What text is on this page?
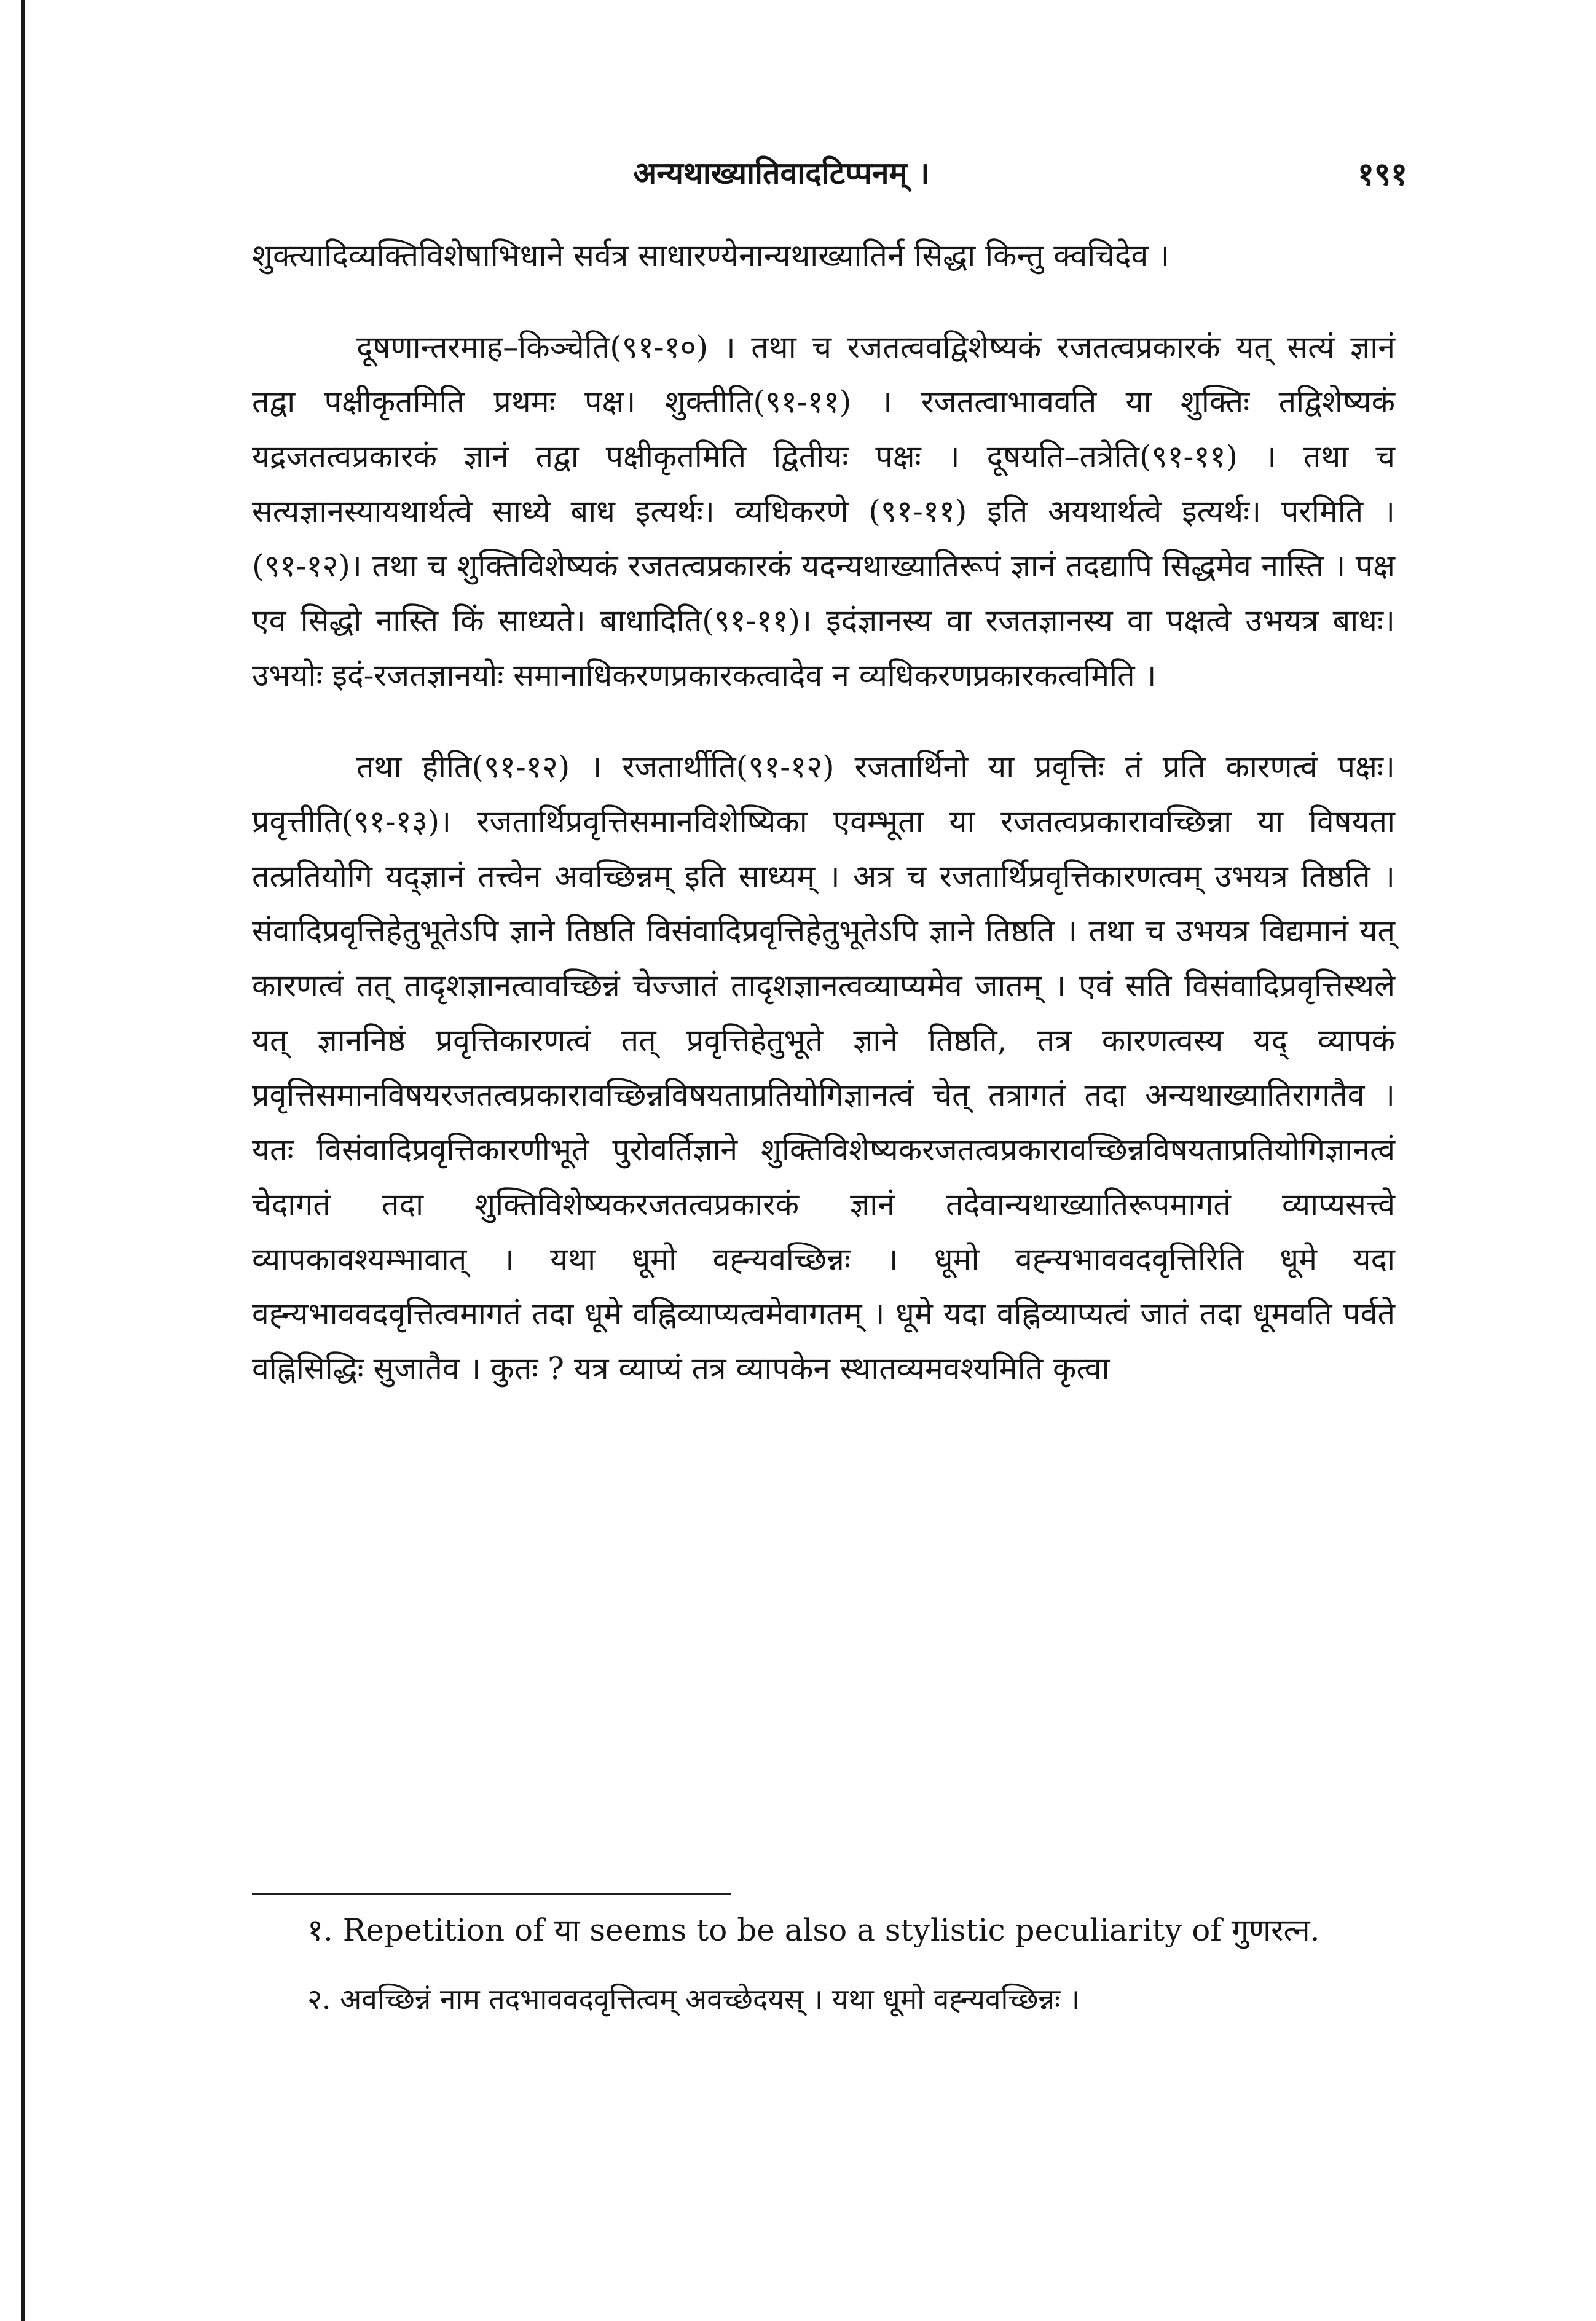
अन्यथाख्यातिवादटिप्पनम् ।	१९१

शुक्त्यादिव्यक्तिविशेषाभिधाने सर्वत्र साधारण्येनान्यथाख्यातिर्न सिद्धा किन्तु क्वचिदेव ।

दूषणान्तरमाह–किञ्चेति(९१-१०) । तथा च रजतत्ववद्विशेष्यकं रजतत्वप्रकारकं यत् सत्यं ज्ञानं तद्वा पक्षीकृतमिति प्रथमः पक्ष। शुक्तीति(९१-११) । रजतत्वाभाववति या शुक्तिः तद्विशेष्यकं यद्रजतत्वप्रकारकं ज्ञानं तद्वा पक्षीकृतमिति द्वितीयः पक्षः । दूषयति–तत्रेति(९१-११) । तथा च सत्यज्ञानस्यायथार्थत्वे साध्ये बाध इत्यर्थः। व्यधिकरणे (९१-११) इति अयथार्थत्वे इत्यर्थः। परमिति । (९१-१२)। तथा च शुक्तिविशेष्यकं रजतत्वप्रकारकं यदन्यथाख्यातिरूपं ज्ञानं तदद्यापि सिद्धमेव नास्ति । पक्ष एव सिद्धो नास्ति किं साध्यते। बाधादिति(९१-११)। इदंज्ञानस्य वा रजतज्ञानस्य वा पक्षत्वे उभयत्र बाधः। उभयोः इदं-रजतज्ञानयोः समानाधिकरणप्रकारकत्वादेव न व्यधिकरणप्रकारकत्वमिति ।

तथा हीति(९१-१२) । रजतार्थीति(९१-१२) रजतार्थिनो या प्रवृत्तिः तं प्रति कारणत्वं पक्षः। प्रवृत्तीति(९१-१३)। रजतार्थिप्रवृत्तिसमानविशेष्यिका एवम्भूता या रजतत्वप्रकारावच्छिन्ना या विषयता तत्प्रतियोगि यद्ज्ञानं तत्त्वेन अवच्छिन्नम् इति साध्यम् । अत्र च रजतार्थिप्रवृत्तिकारणत्वम् उभयत्र तिष्ठति । संवादिप्रवृत्तिहेतुभूतेऽपि ज्ञाने तिष्ठति विसंवादिप्रवृत्तिहेतुभूतेऽपि ज्ञाने तिष्ठति । तथा च उभयत्र विद्यमानं यत् कारणत्वं तत् तादृशज्ञानत्वावच्छिन्नं चेज्जातं तादृशज्ञानत्वव्याप्यमेव जातम् । एवं सति विसंवादिप्रवृत्तिस्थले यत् ज्ञाननिष्ठं प्रवृत्तिकारणत्वं तत् प्रवृत्तिहेतुभूते ज्ञाने तिष्ठति, तत्र कारणत्वस्य यद् व्यापकं प्रवृत्तिसमानविषयरजतत्वप्रकारावच्छिन्नविषयताप्रतियोगिज्ञानत्वं चेत् तत्रागतं तदा अन्यथाख्यातिरागतैव । यतः विसंवादिप्रवृत्तिकारणीभूते पुरोवर्तिज्ञाने शुक्तिविशेष्यकरजतत्वप्रकारावच्छिन्नविषयताप्रतियोगिज्ञानत्वं चेदागतं तदा शुक्तिविशेष्यकरजतत्वप्रकारकं ज्ञानं तदेवान्यथाख्यातिरूपमागतं व्याप्यसत्त्वे व्यापकावश्यम्भावात् । यथा धूमो वह्न्यवच्छिन्नः । धूमो वह्न्यभाववदवृत्तिरिति धूमे यदा वह्न्यभाववदवृत्तित्वमागतं तदा धूमे वह्निव्याप्यत्वमेवागतम् । धूमे यदा वह्निव्याप्यत्वं जातं तदा धूमवति पर्वते वह्निसिद्धिः सुजातैव । कुतः ? यत्र व्याप्यं तत्र व्यापकेन स्थातव्यमवश्यमिति कृत्वा

१. Repetition of या seems to be also a stylistic peculiarity of गुणरत्न.

२. अवच्छिन्नं नाम तदभाववदवृत्तित्वम् अवच्छेदयस् । यथा धूमो वह्न्यवच्छिन्नः ।
